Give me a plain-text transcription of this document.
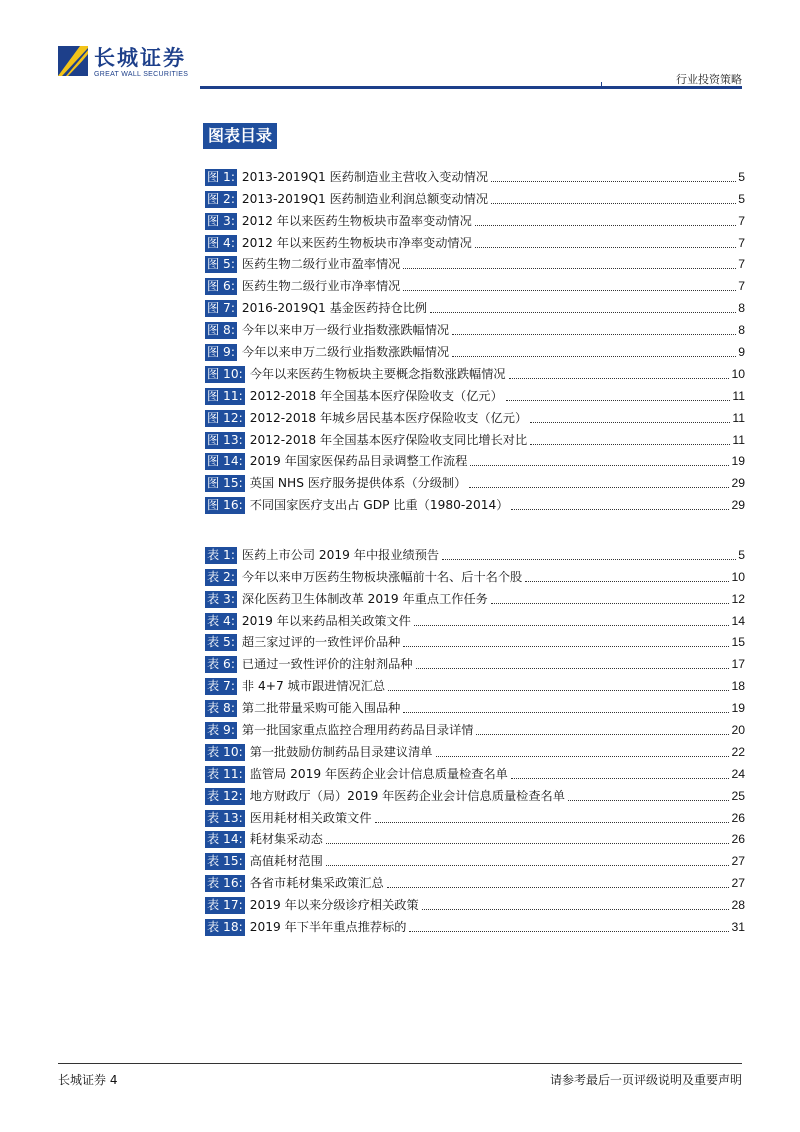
长城证券
GREAT WALL SECURITIES	行业投资策略
图表目录
图 1: 2013-2019Q1 医药制造业主营收入变动情况	5
图 2: 2013-2019Q1 医药制造业利润总额变动情况	5
图 3: 2012 年以来医药生物板块市盈率变动情况	7
图 4: 2012 年以来医药生物板块市净率变动情况	7
图 5: 医药生物二级行业市盈率情况	7
图 6: 医药生物二级行业市净率情况	7
图 7: 2016-2019Q1 基金医药持仓比例	8
图 8: 今年以来申万一级行业指数涨跌幅情况	8
图 9: 今年以来申万二级行业指数涨跌幅情况	9
图 10: 今年以来医药生物板块主要概念指数涨跌幅情况	10
图 11: 2012-2018 年全国基本医疗保险收支（亿元）	11
图 12: 2012-2018 年城乡居民基本医疗保险收支（亿元）	11
图 13: 2012-2018 年全国基本医疗保险收支同比增长对比	11
图 14: 2019 年国家医保药品目录调整工作流程	19
图 15: 英国 NHS 医疗服务提供体系（分级制）	29
图 16: 不同国家医疗支出占 GDP 比重（1980-2014）	29
表 1: 医药上市公司 2019 年中报业绩预告	5
表 2: 今年以来申万医药生物板块涨幅前十名、后十名个股	10
表 3: 深化医药卫生体制改革 2019 年重点工作任务	12
表 4: 2019 年以来药品相关政策文件	14
表 5: 超三家过评的一致性评价品种	15
表 6: 已通过一致性评价的注射剂品种	17
表 7: 非 4+7 城市跟进情况汇总	18
表 8: 第二批带量采购可能入围品种	19
表 9: 第一批国家重点监控合理用药药品目录详情	20
表 10: 第一批鼓励仿制药品目录建议清单	22
表 11: 监管局 2019 年医药企业会计信息质量检查名单	24
表 12: 地方财政厅（局）2019 年医药企业会计信息质量检查名单	25
表 13: 医用耗材相关政策文件	26
表 14: 耗材集采动态	26
表 15: 高值耗材范围	27
表 16: 各省市耗材集采政策汇总	27
表 17: 2019 年以来分级诊疗相关政策	28
表 18: 2019 年下半年重点推荐标的	31
长城证券 4	请参考最后一页评级说明及重要声明
